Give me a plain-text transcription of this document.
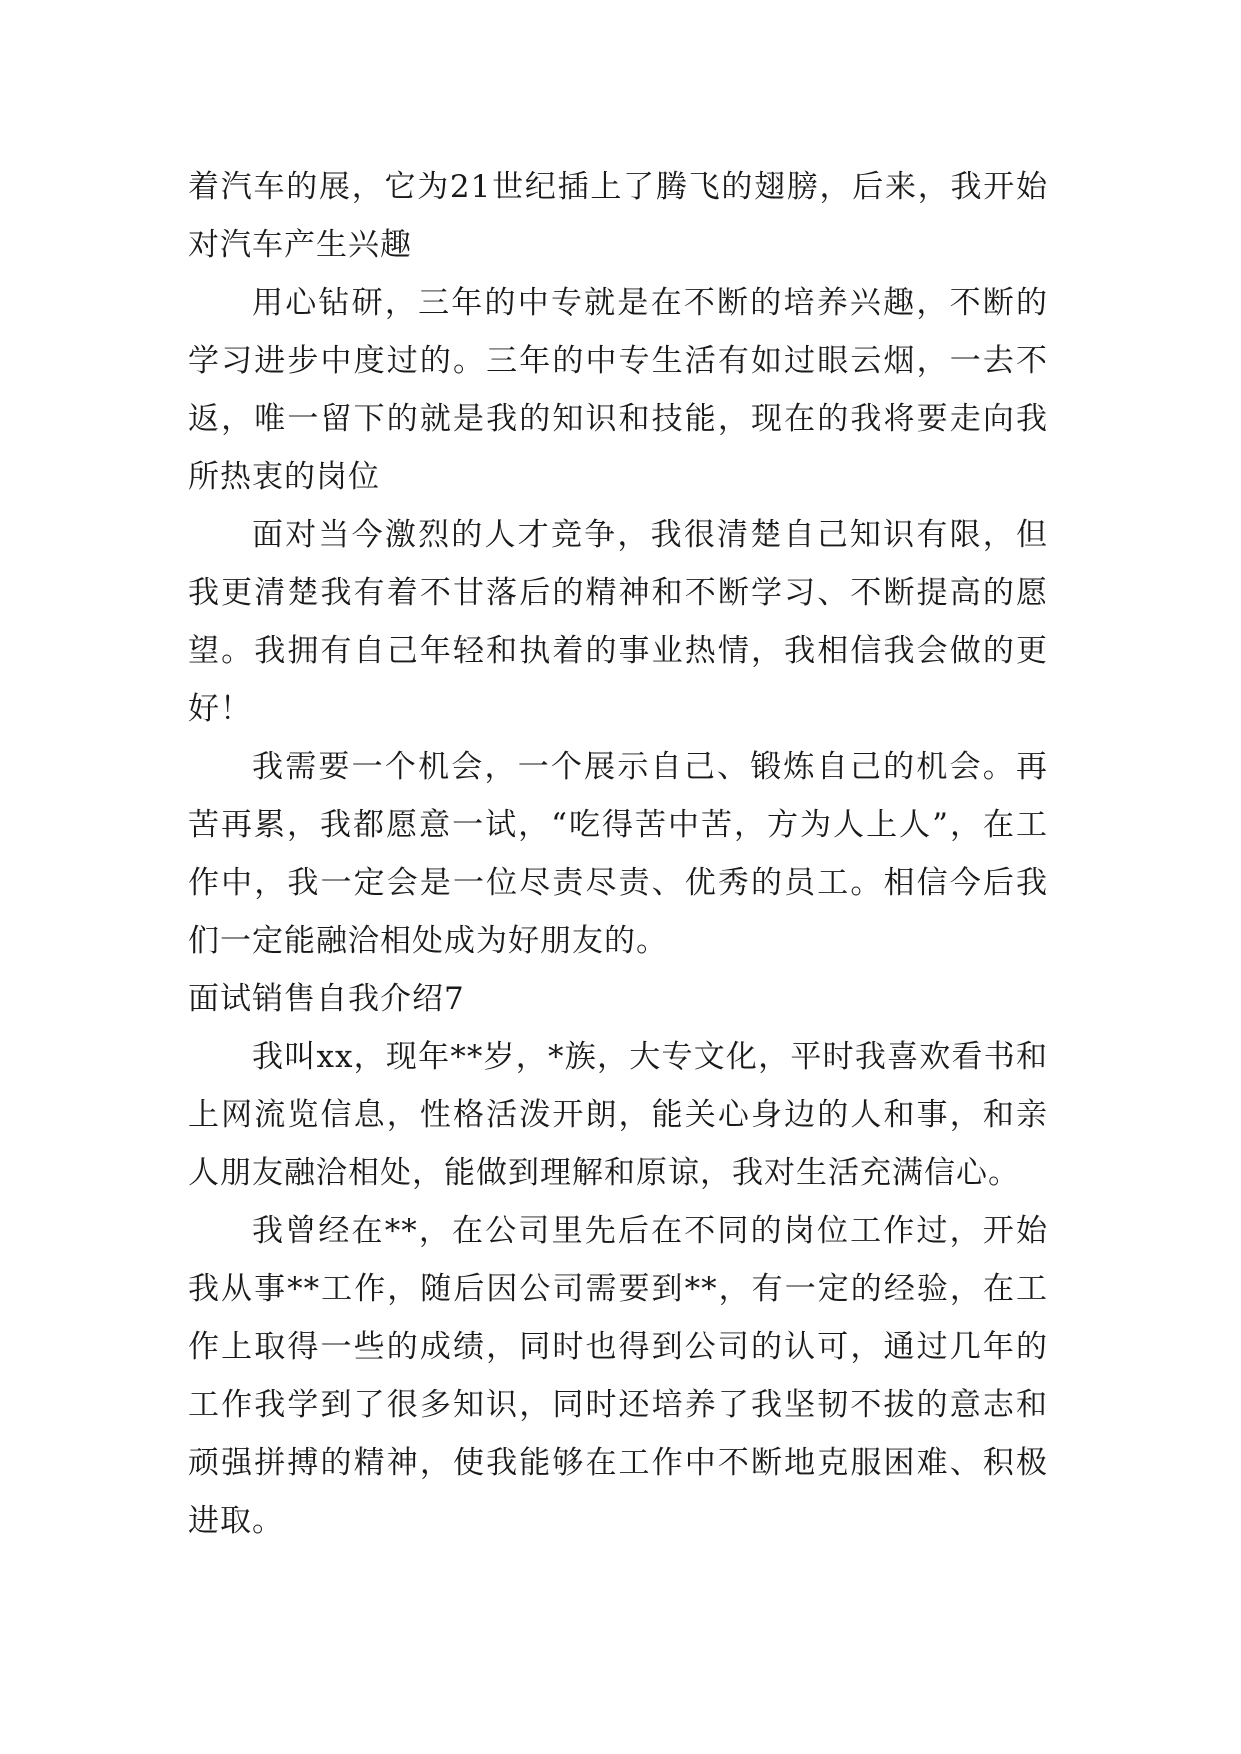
着汽车的展，它为21世纪插上了腾飞的翅膀，后来，我开始对汽车产生兴趣

用心钻研，三年的中专就是在不断的培养兴趣，不断的学习进步中度过的。三年的中专生活有如过眼云烟，一去不返，唯一留下的就是我的知识和技能，现在的我将要走向我所热衷的岗位

面对当今激烈的人才竞争，我很清楚自己知识有限，但我更清楚我有着不甘落后的精神和不断学习、不断提高的愿望。我拥有自己年轻和执着的事业热情，我相信我会做的更好！

我需要一个机会，一个展示自己、锻炼自己的机会。再苦再累，我都愿意一试，“吃得苦中苦，方为人上人”，在工作中，我一定会是一位尽责尽责、优秀的员工。相信今后我们一定能融洽相处成为好朋友的。

面试销售自我介绍7

我叫xx，现年**岁，*族，大专文化，平时我喜欢看书和上网流览信息，性格活泼开朗，能关心身边的人和事，和亲人朋友融洽相处，能做到理解和原谅，我对生活充满信心。

我曾经在**，在公司里先后在不同的岗位工作过，开始我从事**工作，随后因公司需要到**，有一定的经验，在工作上取得一些的成绩，同时也得到公司的认可，通过几年的工作我学到了很多知识，同时还培养了我坚韧不拔的意志和顽强拼搏的精神，使我能够在工作中不断地克服困难、积极进取。
